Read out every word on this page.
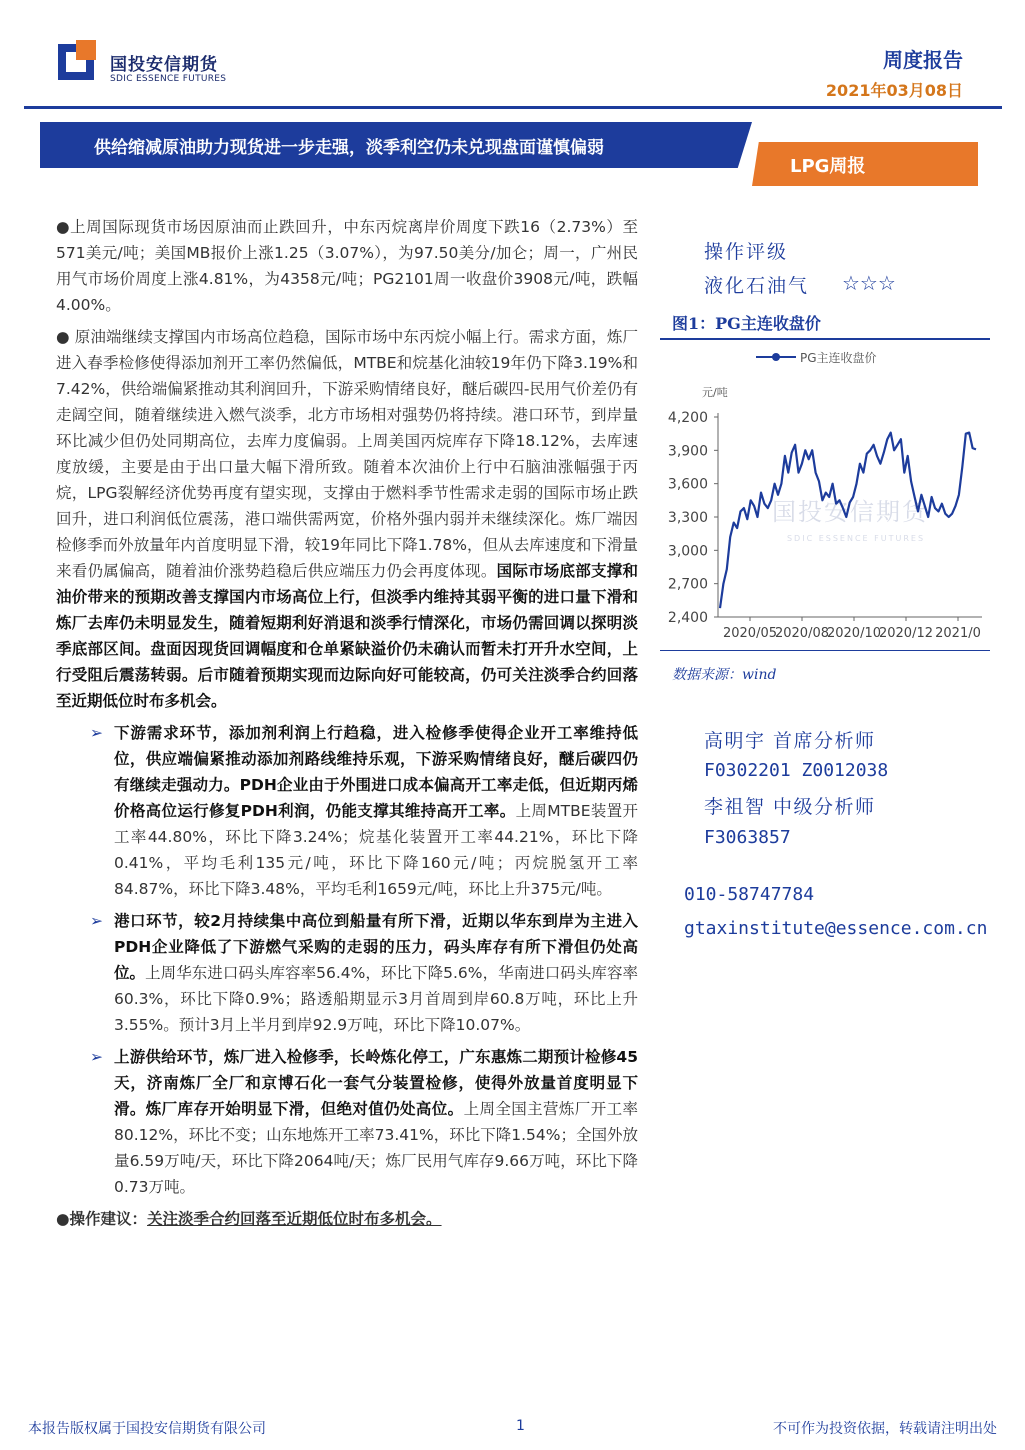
国投安信期货
SDIC ESSENCE FUTURES
周度报告
2021年03月08日
LPG周报
供给缩减原油助力现货进一步走强，淡季利空仍未兑现盘面谨慎偏弱

●上周国际现货市场因原油而止跌回升，中东丙烷离岸价周度下跌16（2.73%）至571美元/吨；美国MB报价上涨1.25（3.07%），为97.50美分/加仑；周一，广州民用气市场价周度上涨4.81%，为4358元/吨；PG2101周一收盘价3908元/吨，跌幅4.00%。

● 原油端继续支撑国内市场高位趋稳，国际市场中东丙烷小幅上行。需求方面，炼厂进入春季检修使得添加剂开工率仍然偏低，MTBE和烷基化油较19年仍下降3.19%和7.42%，供给端偏紧推动其利润回升，下游采购情绪良好，醚后碳四-民用气价差仍有走阔空间，随着继续进入燃气淡季，北方市场相对强势仍将持续。港口环节，到岸量环比减少但仍处同期高位，去库力度偏弱。上周美国丙烷库存下降18.12%，去库速度放缓，主要是由于出口量大幅下滑所致。随着本次油价上行中石脑油涨幅强于丙烷，LPG裂解经济优势再度有望实现，支撑由于燃料季节性需求走弱的国际市场止跌回升，进口利润低位震荡，港口端供需两宽，价格外强内弱并未继续深化。炼厂端因检修季而外放量年内首度明显下滑，较19年同比下降1.78%，但从去库速度和下滑量来看仍属偏高，随着油价涨势趋稳后供应端压力仍会再度体现。国际市场底部支撑和油价带来的预期改善支撑国内市场高位上行，但淡季内维持其弱平衡的进口量下滑和炼厂去库仍未明显发生，随着短期利好消退和淡季行情深化，市场仍需回调以探明淡季底部区间。盘面因现货回调幅度和仓单紧缺溢价仍未确认而暂未打开升水空间，上行受阻后震荡转弱。后市随着预期实现而边际向好可能较高，仍可关注淡季合约回落至近期低位时布多机会。

➢ 下游需求环节，添加剂利润上行趋稳，进入检修季使得企业开工率维持低位，供应端偏紧推动添加剂路线维持乐观，下游采购情绪良好，醚后碳四仍有继续走强动力。PDH企业由于外围进口成本偏高开工率走低，但近期丙烯价格高位运行修复PDH利润，仍能支撑其维持高开工率。上周MTBE装置开工率44.80%，环比下降3.24%；烷基化装置开工率44.21%，环比下降0.41%，平均毛利135元/吨，环比下降160元/吨；丙烷脱氢开工率84.87%，环比下降3.48%，平均毛利1659元/吨，环比上升375元/吨。
➢ 港口环节，较2月持续集中高位到船量有所下滑，近期以华东到岸为主进入PDH企业降低了下游燃气采购的走弱的压力，码头库存有所下滑但仍处高位。上周华东进口码头库容率56.4%，环比下降5.6%，华南进口码头库容率60.3%，环比下降0.9%；路透船期显示3月首周到岸60.8万吨，环比上升3.55%。预计3月上半月到岸92.9万吨，环比下降10.07%。
➢ 上游供给环节，炼厂进入检修季，长岭炼化停工，广东惠炼二期预计检修45天，济南炼厂全厂和京博石化一套气分装置检修，使得外放量首度明显下滑。炼厂库存开始明显下滑，但绝对值仍处高位。上周全国主营炼厂开工率80.12%，环比不变；山东地炼开工率73.41%，环比下降1.54%；全国外放量6.59万吨/天，环比下降2064吨/天；炼厂民用气库存9.66万吨，环比下降0.73万吨。

●操作建议：关注淡季合约回落至近期低位时布多机会。

操作评级
液化石油气 ☆☆☆
图1：PG主连收盘价
PG主连收盘价
元/吨
国投安信期货
SDIC ESSENCE FUTURES
2,400
2,700
3,000
3,300
3,600
3,900
4,200
2020/05
2020/08
2020/10
2020/12 2021/0
数据来源：wind
高明宇 首席分析师
F0302201 Z0012038
李祖智 中级分析师
F3063857
010-58747784
gtaxinstitute@essence.com.cn
本报告版权属于国投安信期货有限公司	1	不可作为投资依据，转载请注明出处
